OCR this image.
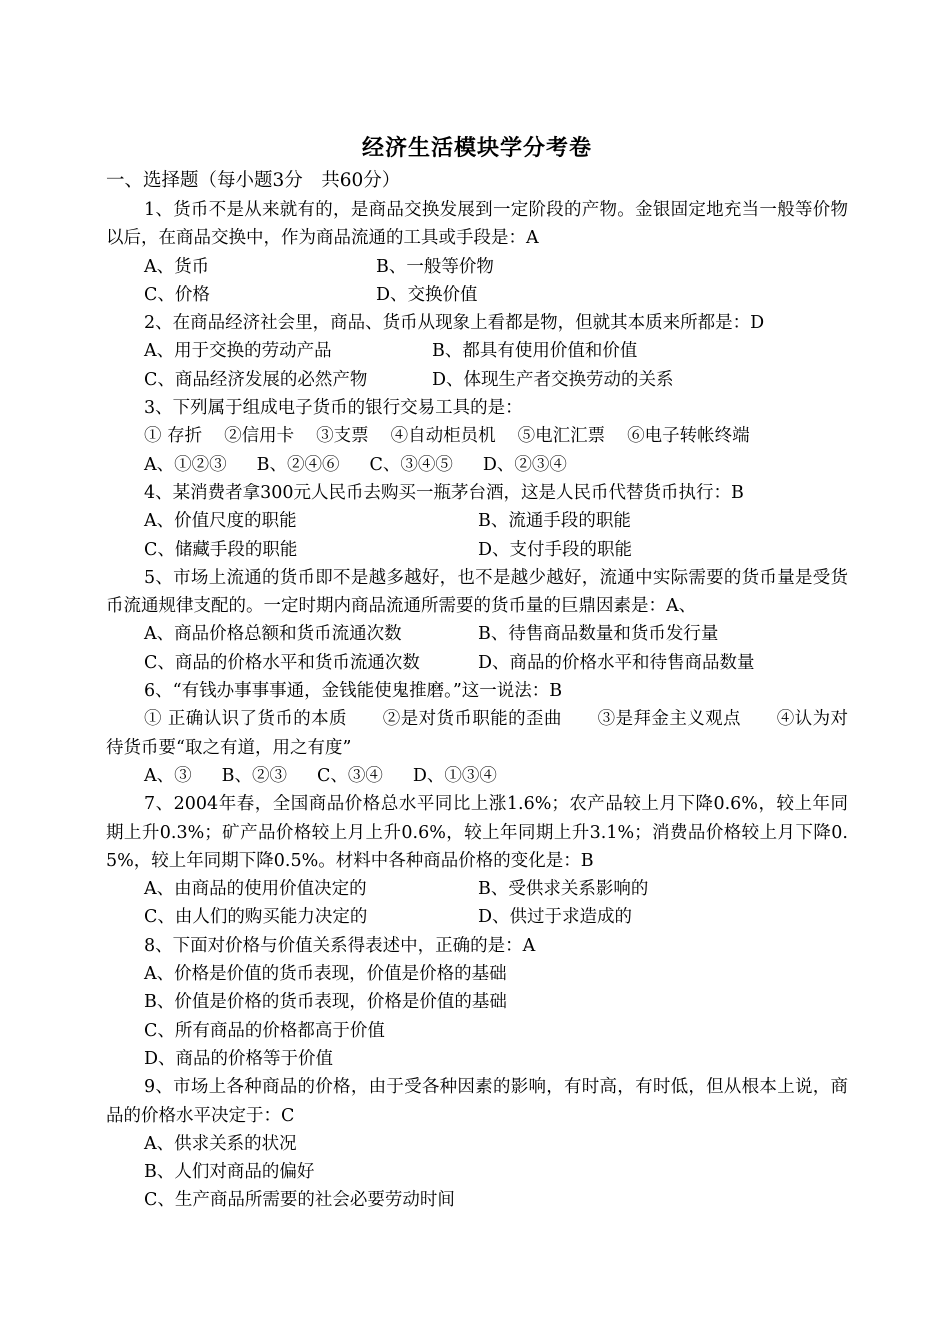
经济生活模块学分考卷
一、选择题（每小题3分　共60分）

1、货币不是从来就有的，是商品交换发展到一定阶段的产物。金银固定地充当一般等价物以后，在商品交换中，作为商品流通的工具或手段是：A

A、货币	B、一般等价物
C、价格	D、交换价值

2、在商品经济社会里，商品、货币从现象上看都是物，但就其本质来所都是：D

A、用于交换的劳动产品	B、都具有使用价值和价值
C、商品经济发展的必然产物	D、体现生产者交换劳动的关系

3、下列属于组成电子货币的银行交易工具的是：

① 存折 ②信用卡 ③支票 ④自动柜员机 ⑤电汇汇票 ⑥电子转帐终端
A、①②③ B、②④⑥ C、③④⑤ D、②③④

4、某消费者拿300元人民币去购买一瓶茅台酒，这是人民币代替货币执行：B

A、价值尺度的职能	B、流通手段的职能
C、储藏手段的职能	D、支付手段的职能

5、市场上流通的货币即不是越多越好，也不是越少越好，流通中实际需要的货币量是受货币流通规律支配的。一定时期内商品流通所需要的货币量的巨鼎因素是：A、

A、商品价格总额和货币流通次数	B、待售商品数量和货币发行量
C、商品的价格水平和货币流通次数	D、商品的价格水平和待售商品数量

6、“有钱办事事事通，金钱能使鬼推磨。”这一说法：B

① 正确认识了货币的本质　　②是对货币职能的歪曲　　③是拜金主义观点　　④认为对待货币要“取之有道，用之有度”

A、③ B、②③ C、③④ D、①③④

7、2004年春，全国商品价格总水平同比上涨1.6%；农产品较上月下降0.6%，较上年同期上升0.3%；矿产品价格较上月上升0.6%，较上年同期上升3.1%；消费品价格较上月下降0.5%，较上年同期下降0.5%。材料中各种商品价格的变化是：B

A、由商品的使用价值决定的	B、受供求关系影响的
C、由人们的购买能力决定的	D、供过于求造成的

8、下面对价格与价值关系得表述中，正确的是：A

A、价格是价值的货币表现，价值是价格的基础
B、价值是价格的货币表现，价格是价值的基础
C、所有商品的价格都高于价值
D、商品的价格等于价值

9、市场上各种商品的价格，由于受各种因素的影响，有时高，有时低，但从根本上说，商品的价格水平决定于：C

A、供求关系的状况
B、人们对商品的偏好
C、生产商品所需要的社会必要劳动时间
